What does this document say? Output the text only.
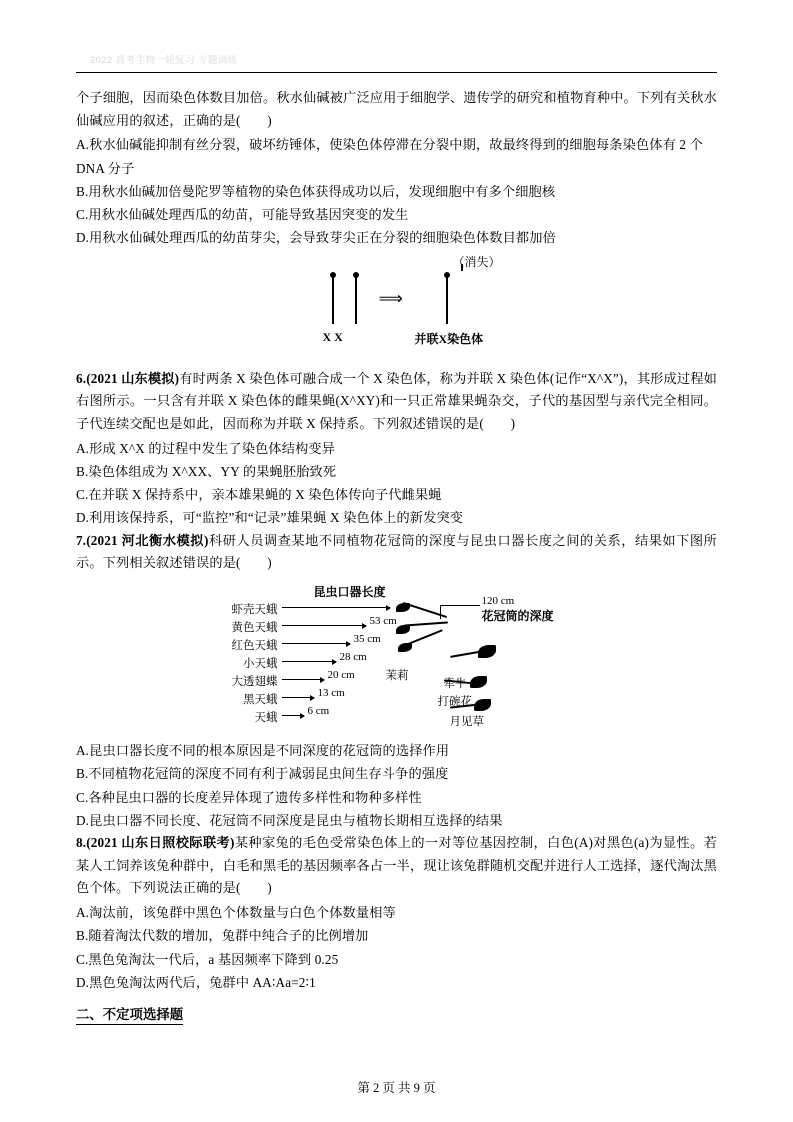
2022 高考生物一轮复习 专题训练

个子细胞，因而染色体数目加倍。秋水仙碱被广泛应用于细胞学、遗传学的研究和植物育种中。下列有关秋水仙碱应用的叙述，正确的是(　　)

A.秋水仙碱能抑制有丝分裂，破坏纺锤体，使染色体停滞在分裂中期，故最终得到的细胞每条染色体有 2 个 DNA 分子

B.用秋水仙碱加倍曼陀罗等植物的染色体获得成功以后，发现细胞中有多个细胞核

C.用秋水仙碱处理西瓜的幼苗，可能导致基因突变的发生

D.用秋水仙碱处理西瓜的幼苗芽尖，会导致芽尖正在分裂的细胞染色体数目都加倍

⟹
（消失）
X X	并联X染色体

6.(2021 山东模拟)有时两条 X 染色体可融合成一个 X 染色体，称为并联 X 染色体(记作“X^X”)，其形成过程如右图所示。一只含有并联 X 染色体的雌果蝇(X^XY)和一只正常雄果蝇杂交，子代的基因型与亲代完全相同。子代连续交配也是如此，因而称为并联 X 保持系。下列叙述错误的是(　　)

A.形成 X^X 的过程中发生了染色体结构变异

B.染色体组成为 X^XX、YY 的果蝇胚胎致死

C.在并联 X 保持系中，亲本雄果蝇的 X 染色体传向子代雌果蝇

D.利用该保持系，可“监控”和“记录”雄果蝇 X 染色体上的新发突变

7.(2021 河北衡水模拟)科研人员调查某地不同植物花冠筒的深度与昆虫口器长度之间的关系，结果如下图所示。下列相关叙述错误的是(　　)

昆虫口器长度
花冠筒的深度
虾壳天蛾
黄色天蛾
红色天蛾
小天蛾
大透翅蝶
黑天蛾
天蛾
120 cm
53 cm
35 cm
28 cm
20 cm
13 cm
6 cm
茉莉
牵牛
打碗花
月见草

A.昆虫口器长度不同的根本原因是不同深度的花冠筒的选择作用

B.不同植物花冠筒的深度不同有利于减弱昆虫间生存斗争的强度

C.各种昆虫口器的长度差异体现了遗传多样性和物种多样性

D.昆虫口器不同长度、花冠筒不同深度是昆虫与植物长期相互选择的结果

8.(2021 山东日照校际联考)某种家兔的毛色受常染色体上的一对等位基因控制，白色(A)对黑色(a)为显性。若某人工饲养该兔种群中，白毛和黑毛的基因频率各占一半，现让该兔群随机交配并进行人工选择，逐代淘汰黑色个体。下列说法正确的是(　　)

A.淘汰前，该兔群中黑色个体数量与白色个体数量相等

B.随着淘汰代数的增加，兔群中纯合子的比例增加

C.黑色兔淘汰一代后，a 基因频率下降到 0.25

D.黑色兔淘汰两代后，兔群中 AA∶Aa=2∶1

二、不定项选择题
第 2 页 共 9 页
